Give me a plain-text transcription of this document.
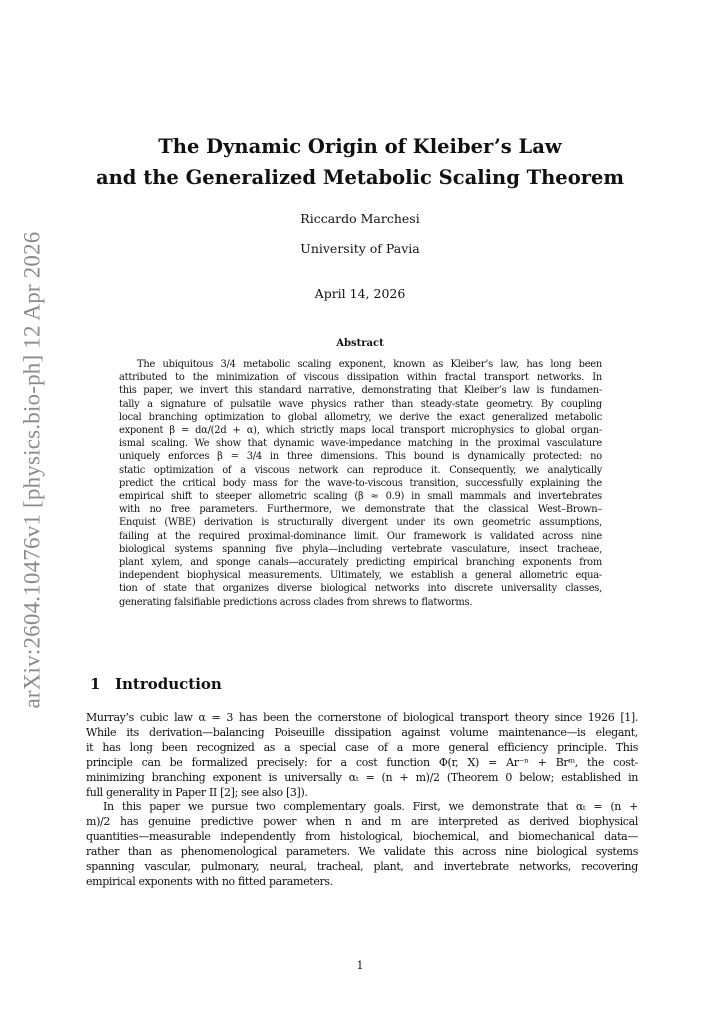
arXiv:2604.10476v1 [physics.bio-ph] 12 Apr 2026
The Dynamic Origin of Kleiber’s Law
and the Generalized Metabolic Scaling Theorem
Riccardo Marchesi
University of Pavia
April 14, 2026
Abstract
The ubiquitous 3/4 metabolic scaling exponent, known as Kleiber’s law, has long been
attributed to the minimization of viscous dissipation within fractal transport networks. In
this paper, we invert this standard narrative, demonstrating that Kleiber’s law is fundamen-
tally a signature of pulsatile wave physics rather than steady-state geometry. By coupling
local branching optimization to global allometry, we derive the exact generalized metabolic
exponent β = dα/(2d + α), which strictly maps local transport microphysics to global organ-
ismal scaling. We show that dynamic wave-impedance matching in the proximal vasculature
uniquely enforces β = 3/4 in three dimensions. This bound is dynamically protected: no
static optimization of a viscous network can reproduce it. Consequently, we analytically
predict the critical body mass for the wave-to-viscous transition, successfully explaining the
empirical shift to steeper allometric scaling (β ≈ 0.9) in small mammals and invertebrates
with no free parameters. Furthermore, we demonstrate that the classical West–Brown–
Enquist (WBE) derivation is structurally divergent under its own geometric assumptions,
failing at the required proximal-dominance limit. Our framework is validated across nine
biological systems spanning five phyla—including vertebrate vasculature, insect tracheae,
plant xylem, and sponge canals—accurately predicting empirical branching exponents from
independent biophysical measurements. Ultimately, we establish a general allometric equa-
tion of state that organizes diverse biological networks into discrete universality classes,
generating falsifiable predictions across clades from shrews to flatworms.
1 Introduction
Murray’s cubic law α = 3 has been the cornerstone of biological transport theory since 1926 [1].
While its derivation—balancing Poiseuille dissipation against volume maintenance—is elegant,
it has long been recognized as a special case of a more general efficiency principle. This
principle can be formalized precisely: for a cost function Φ(r, X) = Ar⁻ⁿ + Brᵐ, the cost-
minimizing branching exponent is universally αₜ = (n + m)/2 (Theorem 0 below; established in
full generality in Paper II [2]; see also [3]).
In this paper we pursue two complementary goals. First, we demonstrate that αₜ = (n +
m)/2 has genuine predictive power when n and m are interpreted as derived biophysical
quantities—measurable independently from histological, biochemical, and biomechanical data—
rather than as phenomenological parameters. We validate this across nine biological systems
spanning vascular, pulmonary, neural, tracheal, plant, and invertebrate networks, recovering
empirical exponents with no fitted parameters.
1
